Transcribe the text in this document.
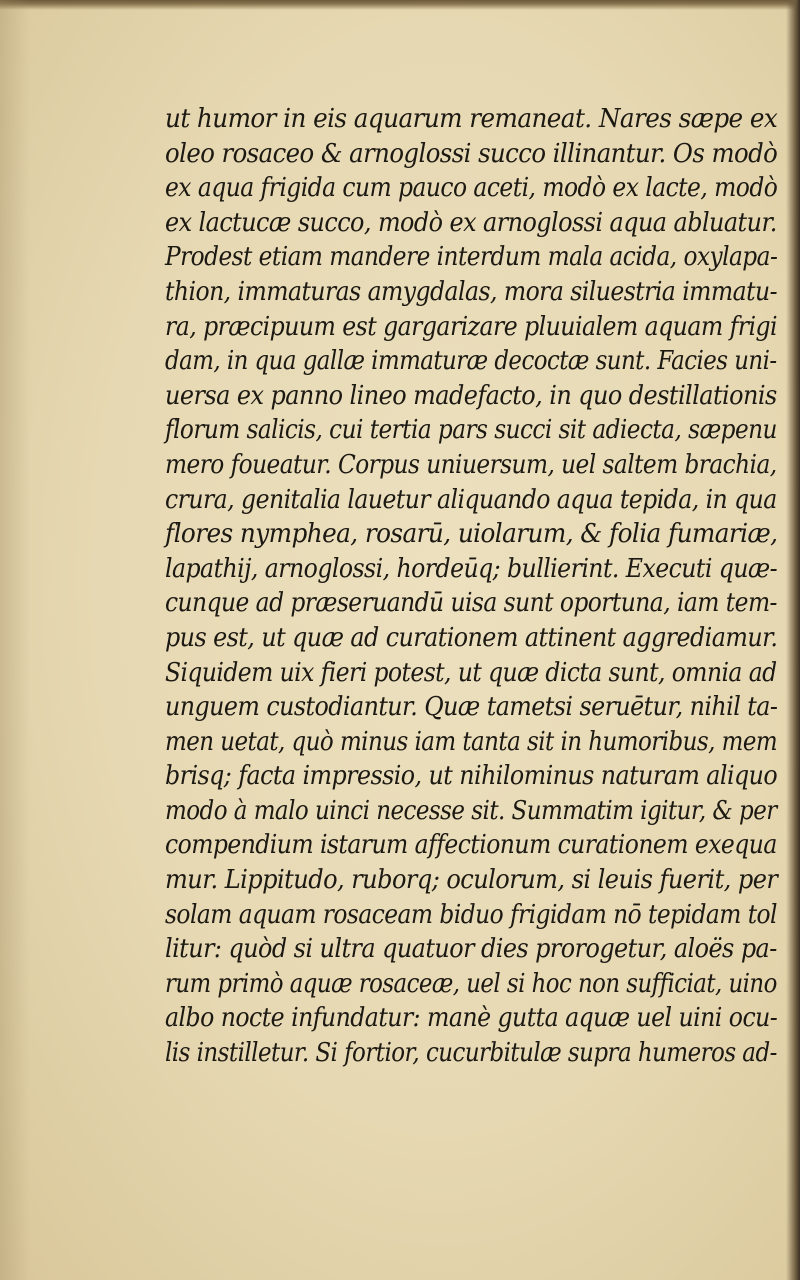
ut humor in eis aquarum remaneat. Nares sæpe ex
oleo rosaceo & arnoglossi succo illinantur. Os modò
ex aqua frigida cum pauco aceti, modò ex lacte, modò
ex lactucæ succo, modò ex arnoglossi aqua abluatur.
Prodest etiam mandere interdum mala acida, oxylapa-
thion, immaturas amygdalas, mora siluestria immatu-
ra, præcipuum est gargarizare pluuialem aquam frigi
dam, in qua gallæ immaturæ decoctæ sunt. Facies uni-
uersa ex panno lineo madefacto, in quo destillationis
florum salicis, cui tertia pars succi sit adiecta, sæpenu
mero foueatur. Corpus uniuersum, uel saltem brachia,
crura, genitalia lauetur aliquando aqua tepida, in qua
flores nymphea, rosarū, uiolarum, & folia fumariæ,
lapathij, arnoglossi, hordeūq; bullierint. Executi quæ-
cunque ad præseruandū uisa sunt oportuna, iam tem-
pus est, ut quæ ad curationem attinent aggrediamur.
Siquidem uix fieri potest, ut quæ dicta sunt, omnia ad
unguem custodiantur. Quæ tametsi seruētur, nihil ta-
men uetat, quò minus iam tanta sit in humoribus, mem
brisq; facta impressio, ut nihilominus naturam aliquo
modo à malo uinci necesse sit. Summatim igitur, & per
compendium istarum affectionum curationem exequa
mur. Lippitudo, ruborq; oculorum, si leuis fuerit, per
solam aquam rosaceam biduo frigidam nō tepidam tol
litur: quòd si ultra quatuor dies prorogetur, aloës pa-
rum primò aquæ rosaceæ, uel si hoc non sufficiat, uino
albo nocte infundatur: manè gutta aquæ uel uini ocu-
lis instilletur. Si fortior, cucurbitulæ supra humeros ad-
